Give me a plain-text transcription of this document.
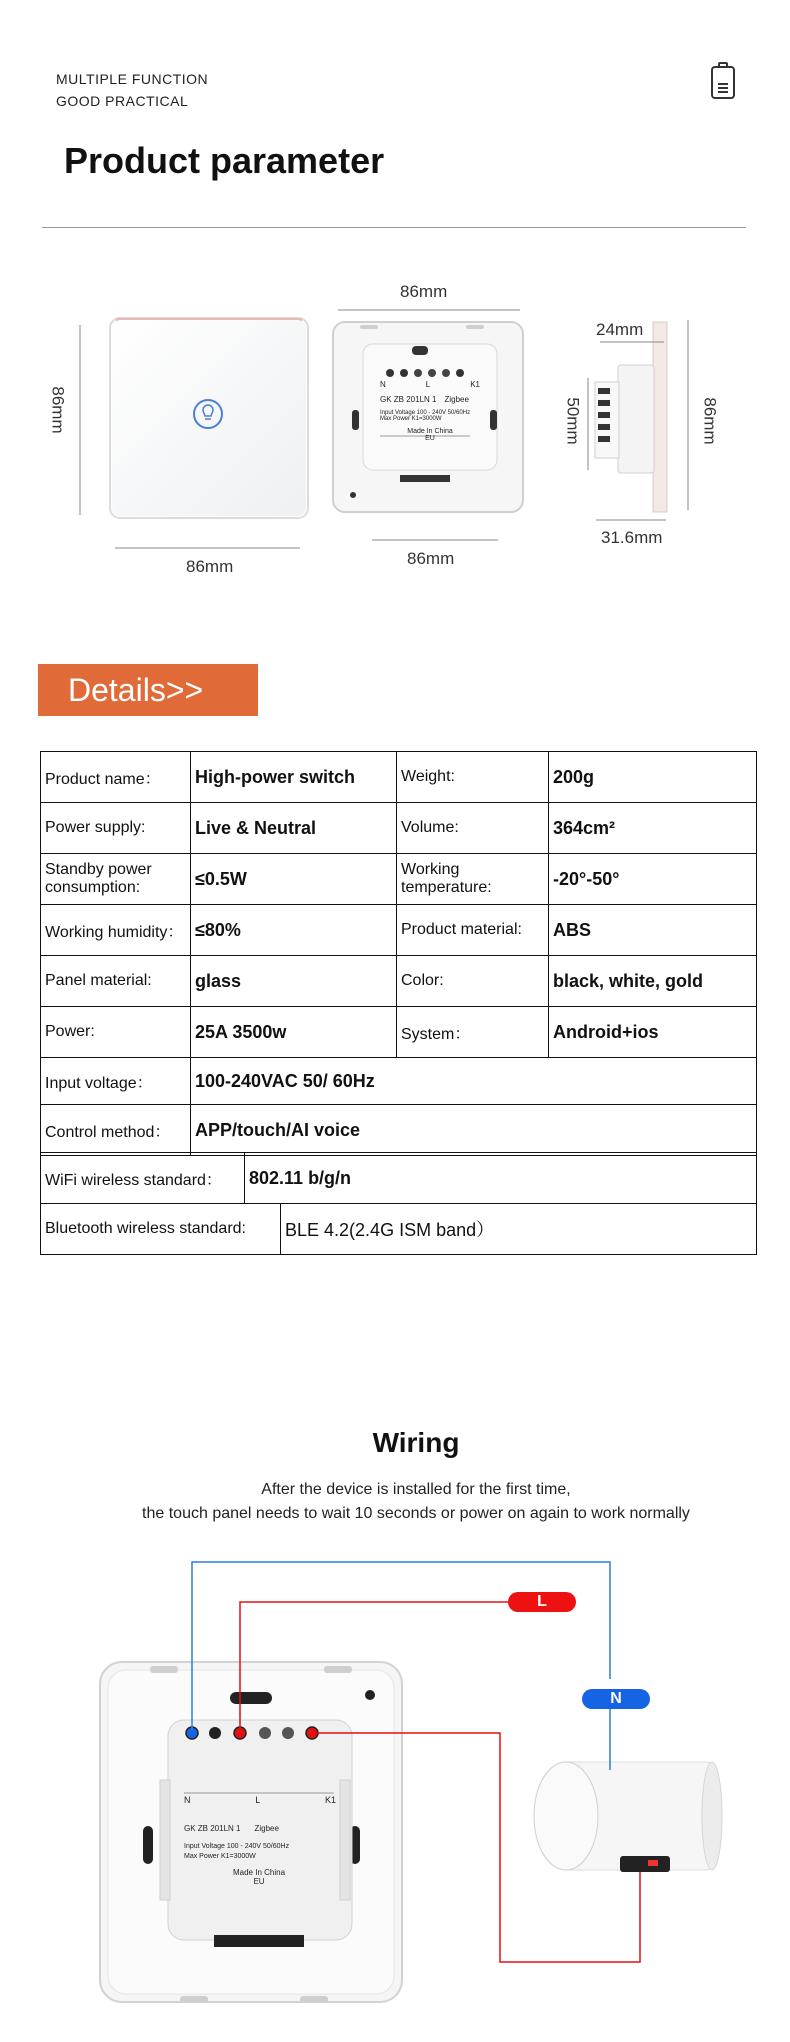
MULTIPLE FUNCTION
GOOD PRACTICAL
Product parameter
86mm
86mm
86mm
86mm
24mm
50mm	86mm
31.6mm
N	L	K1
GK ZB 201LN 1 Zigbee
Input Voltage 100 - 240V 50/60Hz
Max Power K1=3000W
Made In China
EU
Details>>
Product name：	High-power switch	Weight:	200g
Power supply:	Live & Neutral	Volume:	364cm²
Standby power consumption:	≤0.5W	Working temperature:	-20°-50°
Working humidity：	≤80%	Product material:	ABS
Panel material:	glass	Color:	black, white, gold
Power:	25A 3500w	System：	Android+ios
Input voltage：	100-240VAC 50/ 60Hz		
Control method：	APP/touch/AI voice		
WiFi wireless standard：	802.11 b/g/n
Bluetooth wireless standard:	BLE 4.2(2.4G ISM band）
Wiring
After the device is installed for the first time,
the touch panel needs to wait 10 seconds or power on again to work normally
N	L	K1
GK ZB 201LN 1 Zigbee
Input Voltage 100 - 240V 50/60Hz
Max Power K1=3000W
Made In China
EU
L
N
